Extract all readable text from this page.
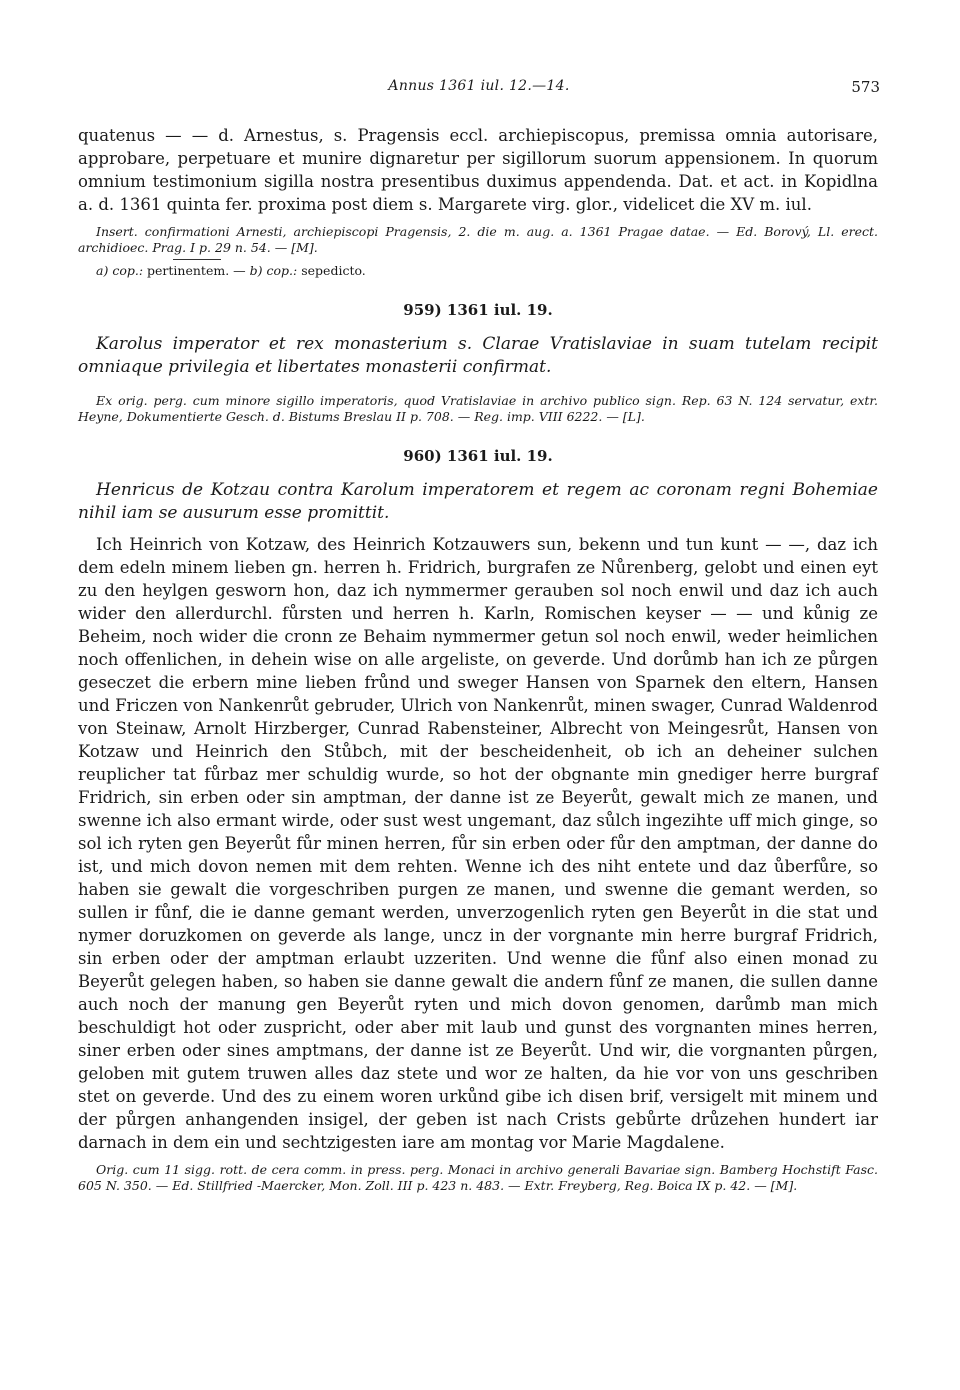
Annus 1361 iul. 12.—14.	573

quatenus — — d. Arnestus, s. Pragensis eccl. archiepiscopus, premissa omnia autorisare, approbare, perpetuare et munire dignaretur per sigillorum suorum appensionem. In quorum omnium testimonium sigilla nostra presentibus duximus appendenda. Dat. et act. in Kopidlna a. d. 1361 quinta fer. proxima post diem s. Margarete virg. glor., videlicet die XV m. iul.

Insert. confirmationi Arnesti, archiepiscopi Pragensis, 2. die m. aug. a. 1361 Pragae datae. — Ed. Borový, Ll. erect. archidioec. Prag. I p. 29 n. 54. — [M].

a) cop.: pertinentem. — b) cop.: sepedicto.

959) 1361 iul. 19.

Karolus imperator et rex monasterium s. Clarae Vratislaviae in suam tutelam recipit omniaque privilegia et libertates monasterii confirmat.

Ex orig. perg. cum minore sigillo imperatoris, quod Vratislaviae in archivo publico sign. Rep. 63 N. 124 servatur, extr. Heyne, Dokumentierte Gesch. d. Bistums Breslau II p. 708. — Reg. imp. VIII 6222. — [L].

960) 1361 iul. 19.

Henricus de Kotzau contra Karolum imperatorem et regem ac coronam regni Bohemiae nihil iam se ausurum esse promittit.

Ich Heinrich von Kotzaw, des Heinrich Kotzauwers sun, bekenn und tun kunt — —, daz ich dem edeln minem lieben gn. herren h. Fridrich, burgrafen ze Nůrenberg, gelobt und einen eyt zu den heylgen gesworn hon, daz ich nymmermer gerauben sol noch enwil und daz ich auch wider den allerdurchl. fůrsten und herren h. Karln, Romischen keyser — — und kůnig ze Beheim, noch wider die cronn ze Behaim nymmermer getun sol noch enwil, weder heimlichen noch offenlichen, in dehein wise on alle argeliste, on geverde. Und dorůmb han ich ze půrgen geseczet die erbern mine lieben frůnd und sweger Hansen von Sparnek den eltern, Hansen und Friczen von Nankenrůt gebruder, Ulrich von Nankenrůt, minen swager, Cunrad Waldenrod von Steinaw, Arnolt Hirzberger, Cunrad Rabensteiner, Albrecht von Meingesrůt, Hansen von Kotzaw und Heinrich den Stůbch, mit der bescheidenheit, ob ich an deheiner sulchen reuplicher tat fůrbaz mer schuldig wurde, so hot der obgnante min gnediger herre burgraf Fridrich, sin erben oder sin amptman, der danne ist ze Beyerůt, gewalt mich ze manen, und swenne ich also ermant wirde, oder sust west ungemant, daz sůlch ingezihte uff mich ginge, so sol ich ryten gen Beyerůt fůr minen herren, fůr sin erben oder fůr den amptman, der danne do ist, und mich dovon nemen mit dem rehten. Wenne ich des niht entete und daz ůberfůre, so haben sie gewalt die vorgeschriben purgen ze manen, und swenne die gemant werden, so sullen ir fůnf, die ie danne gemant werden, unverzogenlich ryten gen Beyerůt in die stat und nymer doruzkomen on geverde als lange, uncz in der vorgnante min herre burgraf Fridrich, sin erben oder der amptman erlaubt uzzeriten. Und wenne die fůnf also einen monad zu Beyerůt gelegen haben, so haben sie danne gewalt die andern fůnf ze manen, die sullen danne auch noch der manung gen Beyerůt ryten und mich dovon genomen, darůmb man mich beschuldigt hot oder zuspricht, oder aber mit laub und gunst des vorgnanten mines herren, siner erben oder sines amptmans, der danne ist ze Beyerůt. Und wir, die vorgnanten půrgen, geloben mit gutem truwen alles daz stete und wor ze halten, da hie vor von uns geschriben stet on geverde. Und des zu einem woren urkůnd gibe ich disen brif, versigelt mit minem und der půrgen anhangenden insigel, der geben ist nach Crists gebůrte drůzehen hundert iar darnach in dem ein und sechtzigesten iare am montag vor Marie Magdalene.

Orig. cum 11 sigg. rott. de cera comm. in press. perg. Monaci in archivo generali Bavariae sign. Bamberg Hochstift Fasc. 605 N. 350. — Ed. Stillfried -Maercker, Mon. Zoll. III p. 423 n. 483. — Extr. Freyberg, Reg. Boica IX p. 42. — [M].
